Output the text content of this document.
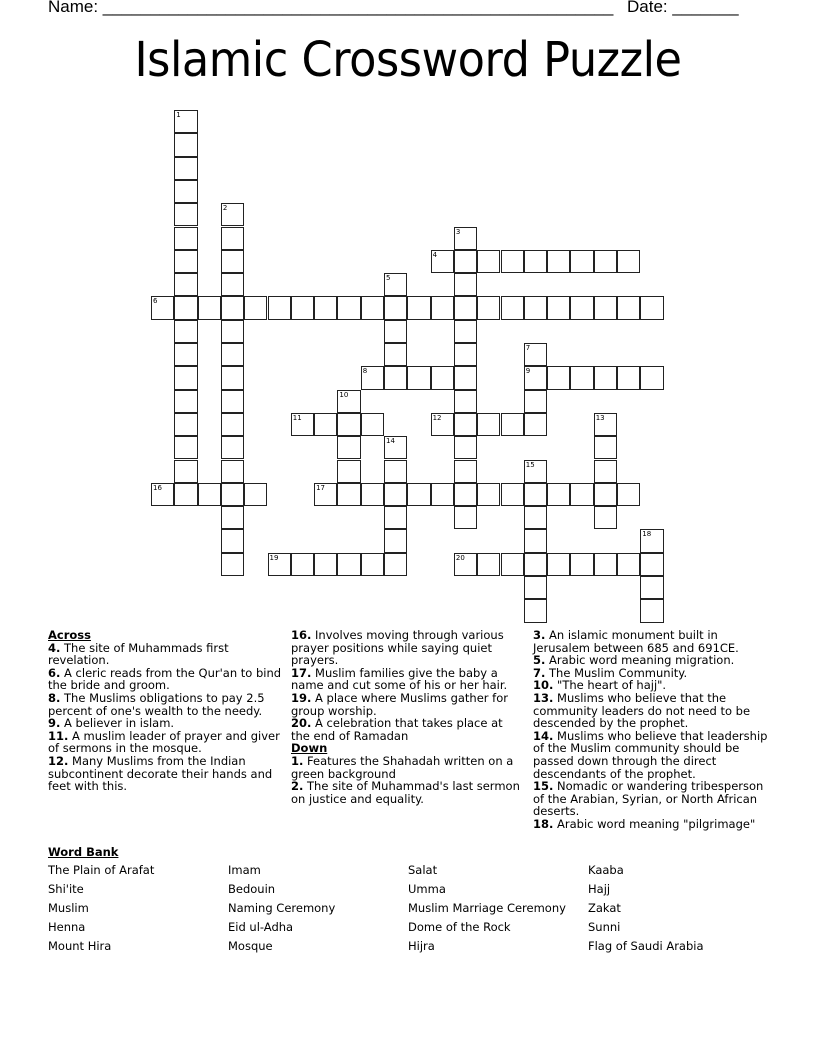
Name: ______________________________________________________ Date: _______
Islamic Crossword Puzzle
1
2
3
4
5
6
7
9
8
10
11	12	13
14
15
16	17
18
19	20
Across
4. The site of Muhammads first revelation.
6. A cleric reads from the Qur'an to bind the bride and groom.
8. The Muslims obligations to pay 2.5 percent of one's wealth to the needy.
9. A believer in islam.
11. A muslim leader of prayer and giver of sermons in the mosque.
12. Many Muslims from the Indian subcontinent decorate their hands and feet with this.
16. Involves moving through various prayer positions while saying quiet prayers.
17. Muslim families give the baby a name and cut some of his or her hair.
19. A place where Muslims gather for group worship.
20. A celebration that takes place at the end of Ramadan
Down
1. Features the Shahadah written on a green background
2. The site of Muhammad's last sermon on justice and equality.
3. An islamic monument built in Jerusalem between 685 and 691CE.
5. Arabic word meaning migration.
7. The Muslim Community.
10. "The heart of hajj".
13. Muslims who believe that the community leaders do not need to be descended by the prophet.
14. Muslims who believe that leadership of the Muslim community should be passed down through the direct descendants of the prophet.
15. Nomadic or wandering tribesperson of the Arabian, Syrian, or North African deserts.
18. Arabic word meaning "pilgrimage"
Word Bank
The Plain of Arafat
Shi'ite
Muslim
Henna
Mount Hira
Imam
Bedouin
Naming Ceremony
Eid ul-Adha
Mosque
Salat
Umma
Muslim Marriage Ceremony
Dome of the Rock
Hijra
Kaaba
Hajj
Zakat
Sunni
Flag of Saudi Arabia
